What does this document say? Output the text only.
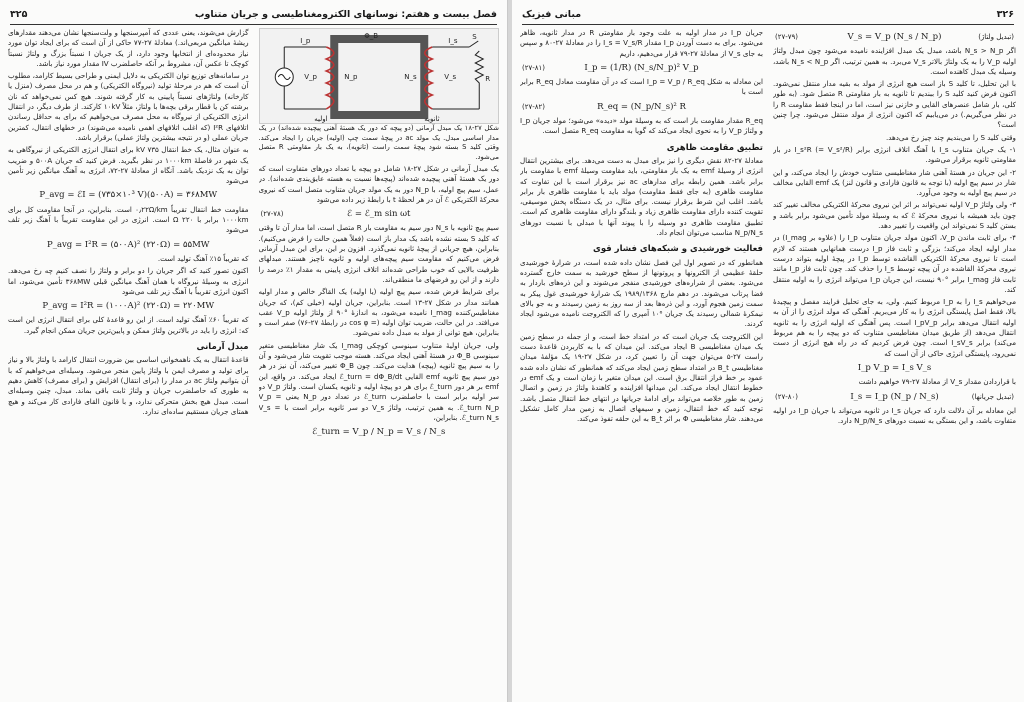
فصل بیست و هفتم: نوسانهای الکترومغناطیسی و جریان متناوب
۳۲۵
Φ_B
N_p	N_s
V_p	V_s
I_p	I_s
R
S
اولیه	ثانویه

شکل ۲۷-۱۸ یک مبدل آرمانی (دو پیچه که دور یک هستهٔ آهنی پیچیده شده‌اند) در یک مدار اساسی مبدل. یک مولد ac در پیچهٔ سمت چپ (اولیه) جریان را ایجاد می‌کند. وقتی کلید S بسته شود پیچهٔ سمت راست (ثانویه)، به یک بار مقاومتی R متصل می‌شود.

یک مبدل آرمانی در شکل ۲۷-۱۸ شامل دو پیچه با تعداد دورهای متفاوت است که دور یک هستهٔ آهنی پیچیده شده‌اند (پیچه‌ها نسبت به هسته عایق‌بندی شده‌اند). در عمل، سیم پیچ اولیه، با N_p دور به یک مولد جریان متناوب متصل است که نیروی محرکهٔ الکتریکی ℰ آن در هر لحظهٔ t با رابطهٔ زیر داده می‌شود

ℰ = ℰ_m sin ωt
(۲۷-۷۸)

سیم پیچ ثانویه با N_s دور سیم به مقاومت بار R متصل است، اما مدار آن تا وقتی که کلید S بسته نشده باشد یک مدار باز است (فعلاً همین حالت را فرض می‌کنیم). بنابراین، هیچ جریانی از پیچهٔ ثانویه نمی‌گذرد. افزون بر این، برای این مبدل آرمانی فرض می‌کنیم که مقاومت سیم پیچه‌های اولیه و ثانویه ناچیز هستند. مبدلهای ظرفیت بالایی که خوب طراحی شده‌اند اتلاف انرژی پایینی به مقدار ۱٪ درصد را دارند و از این رو فرضهای ما منطقی‌اند.

برای شرایط فرض شده، سیم پیچ اولیه (یا اولیه) یک القاگر خالص و مدار اولیه همانند مدار در شکل ۲۷-۱۳ است. بنابراین، جریان اولیه (خیلی کم)، که جریان مغناطیس‌کننده I_mag نامیده می‌شود، به اندازهٔ °۹۰ از ولتاژ اولیه V_p عقب می‌افتد. در این حالت، ضریب توان اولیه (= cos φ در رابطهٔ ۲۷-۷۶) صفر است و بنابراین، هیچ توانی از مولد به مبدل داده نمی‌شود.

ولی، جریان اولیهٔ متناوب سینوسی کوچکی I_mag یک شار مغناطیسی متغیر سینوسی Φ_B در هستهٔ آهنی ایجاد می‌کند. هسته موجب تقویت شار می‌شود و آن را به سیم پیچ ثانویه (پیچه) هدایت می‌کند. چون Φ_B تغییر می‌کند، آن نیز در هر دور سیم پیچ ثانویه emf القایی ℰ_turn = dΦ_B/dt ایجاد می‌کند. در واقع، این emf بر هر دور ℰ_turn برای هر دو پیچهٔ اولیه و ثانویه یکسان است. ولتاژ V_p دو سر اولیه برابر است با حاصلضرب ℰ_turn در تعداد دور N_p یعنی V_p = ℰ_turn N_p. به همین ترتیب، ولتاژ V_s دو سر ثانویه برابر است با V_s = ℰ_turn N_s. بنابراین،

ℰ_turn = V_p / N_p = V_s / N_s

گزارش می‌شوند، یعنی عددی که آمپرسنجها و ولت‌سنجها نشان می‌دهند مقدارهای ریشهٔ میانگین مربعی‌اند.) معادلهٔ ۲۷-۷۷ حاکی از آن است که برای ایجاد توان مورد نیاز محدوده‌ای از انتخابها وجود دارد، از یک جریان I نسبتاً بزرگ و ولتاژ نسبتاً کوچک تا عکس آن، مشروط بر آنکه حاصلضرب IV مقدار مورد نیاز باشد.

در سامانه‌های توزیع توان الکتریکی به دلایل ایمنی و طراحی بسیط کارامد، مطلوب آن است که هم در مرحلهٔ تولید (نیروگاه الکتریکی) و هم در محل مصرف (منزل یا کارخانه) ولتاژهای نسبتاً پایینی به کار گرفته شوند. هیچ کس نمی‌خواهد که نان برشته کن یا قطار برقی بچه‌ها با ولتاژ، مثلاً ۱۰kV کارکند. از طرف دیگر، در انتقال انرژی الکتریکی از نیروگاه به محل مصرف می‌خواهیم که برای به حداقل رساندن اتلافهای I²R (که اغلب اتلافهای اهمی نامیده می‌شوند) در خطهای انتقال، کمترین جریان عملی (و در نتیجه بیشترین ولتاژ عملی) برقرار باشد.

به عنوان مثال، یک خط انتقال ۷۳۵ kV برای انتقال انرژی الکتریکی از نیروگاهی به یک شهر در فاصلهٔ ۱۰۰۰km در نظر بگیرید. فرض کنید که جریان ۵۰۰A و ضریب توان به یک نزدیک باشد. آنگاه از معادلهٔ ۲۷-۷۲، انرژی به آهنگ میانگین زیر تأمین می‌شود

P_avg = ℰI = (۷۳۵×۱۰³ V)(۵۰۰A) = ۳۶۸MW

مقاومت خط انتقال تقریباً ۰٫۲۲Ω/km است. بنابراین، در آنجا مقاومت کل برای ۱۰۰۰km برابر با ۲۲۰ Ω است. انرژی در این مقاومت تقریباً با آهنگ زیر تلف می‌شود

P_avg = I²R = (۵۰۰A)² (۲۲۰Ω) = ۵۵MW

که تقریباً ۱۵٪ آهنگ تولید است.

اکنون تصور کنید که اگر جریان را دو برابر و ولتاژ را نصف کنیم چه رخ می‌دهد. انرژی به وسیلهٔ نیروگاه با همان آهنگ میانگین قبلی ۳۶۸MW تأمین می‌شود، اما اکنون انرژی تقریباً با آهنگ زیر تلف می‌شود

P_avg = I²R = (۱۰۰۰A)² (۲۲۰Ω) = ۲۲۰MW

که تقریباً ۶۰٪ آهنگ تولید است. از این رو قاعدهٔ کلی برای انتقال انرژی این است که: انرژی را باید در بالاترین ولتاژ ممکن و پایین‌ترین جریان ممکن انجام گیرد.

مبدل آرمانی

قاعدهٔ انتقال به یک ناهمخوانی اساسی بین ضرورت انتقال کارامد با ولتاژ بالا و نیاز برای تولید و مصرف ایمن با ولتاژ پایین منجر می‌شود. وسیله‌ای می‌خواهیم که با آن بتوانیم ولتاژ ac در مدار را (برای انتقال) افزایش و (برای مصرف) کاهش دهیم به طوری که حاصلضرب جریان و ولتاژ ثابت باقی بماند. مبدل، چنین وسیله‌ای است. مبدل هیچ بخش متحرکی ندارد، و با قانون القای فارادی کار می‌کند و هیچ همتای جریان مستقیم ساده‌ای ندارد.

۳۲۶
مبانی فیزیک
V_s = V_p (N_s / N_p)	(تبدیل ولتاژ)
(۲۷-۷۹)

اگر N_s > N_p باشد، مبدل یک مبدل افزاینده نامیده می‌شود چون مبدل ولتاژ اولیه V_p را به یک ولتاژ بالاتر V_s می‌برد. به همین ترتیب، اگر N_s < N_p باشد، وسیله یک مبدل کاهنده است.

با این تحلیل، تا کلید S باز است هیچ انرژی از مولد به بقیه مدار منتقل نمی‌شود. اکنون فرض کنید کلید S را ببندیم تا ثانویه به بار مقاومتی R متصل شود. (به طور کلی، بار شامل عنصرهای القایی و خازنی نیز است، اما در اینجا فقط مقاومت R را در نظر می‌گیریم.) در می‌یابیم که اکنون انرژی از مولد منتقل می‌شود. چرا چنین است؟

وقتی کلید S را می‌بندیم چند چیز رخ می‌دهد.

۱- یک جریان متناوب I_s با آهنگ اتلاف انرژی برابر I_s²R (= V_s²/R) در بار مقاومتی ثانویه برقرار می‌شود.

۲- این جریان در هستهٔ آهنی شار مغناطیسی متناوب خودش را ایجاد می‌کند، و این شار در سیم پیچ اولیه (با توجه به قانون فارادی و قانون لنز) یک emf القایی مخالف در سیم پیچ اولیه به وجود می‌آورد.

۳- ولی ولتاژ V_p اولیه نمی‌تواند بر اثر این نیروی محرکهٔ الکتریکی مخالف تغییر کند چون باید همیشه با نیروی محرکهٔ ℰ که به وسیلهٔ مولد تأمین می‌شود برابر باشد و بستن کلید S نمی‌تواند این واقعیت را تغییر دهد.

۴- برای ثابت ماندن V_p، اکنون مولد جریان متناوب I_p را (علاوه بر I_mag) در مدار اولیه ایجاد می‌کند؛ بزرگی و ثابت فاز I_p درست همانهایی هستند که لازم است تا نیروی محرکهٔ الکتریکی القاشده توسط I_p در پیچهٔ اولیه بتواند درست نیروی محرکهٔ القاشده در آن پیچه توسط I_s را حذف کند. چون ثابت فاز I_p مانند ثابت فاز I_mag برابر °۹۰ نیست، این جریان I_p می‌تواند انرژی را به اولیه منتقل کند.

می‌خواهیم I_s را به I_p مربوط کنیم. ولی، به جای تحلیل فرایند مفصل و پیچیدهٔ بالا، فقط اصل پایستگی انرژی را به کار می‌بریم. آهنگی که مولد انرژی را از آن به اولیه انتقال می‌دهد برابر I_pV_p است. پس آهنگی که اولیه انرژی را به ثانویه انتقال می‌دهد (از طریق میدان مغناطیسی متناوب که دو پیچه را به هم مربوط می‌کند) برابر I_sV_s است. چون فرض کردیم که در راه هیچ انرژی از دست نمی‌رود، پایستگی انرژی حاکی از آن است که

I_p V_p = I_s V_s

با قراردادن مقدار V_s از معادلهٔ ۲۷-۷۹ خواهیم داشت

I_s = I_p (N_p / N_s)	(تبدیل جریانها)
(۲۷-۸۰)

این معادله بر آن دلالت دارد که جریان I_s در ثانویه می‌تواند با جریان I_p در اولیه متفاوت باشد، و این بستگی به نسبت دورهای N_p/N_s دارد.

جریان I_p در مدار اولیه به علت وجود بار مقاومتی R در مدار ثانویه، ظاهر می‌شود. برای به دست آوردن I_p مقدار I_s = V_s/R را در معادلهٔ ۲۷-۸۰ و سپس به جای V_s از معادلهٔ ۲۷-۷۹ قرار می‌دهیم، داریم

I_p = (1/R) (N_s/N_p)² V_p
(۲۷-۸۱)

این معادله به شکل I_p = V_p / R_eq است که در آن مقاومت معادل R_eq برابر است با

R_eq = (N_p/N_s)² R
(۲۷-۸۲)

R_eq مقدار مقاومت بار است که به وسیلهٔ مولد «دیده» می‌شود؛ مولد جریان I_p و ولتاژ V_p را به نحوی ایجاد می‌کند که گویا به مقاومت R_eq متصل است.

تطبیق مقاومت ظاهری

معادلهٔ ۲۷-۸۲ نقش دیگری را نیز برای مبدل به دست می‌دهد. برای بیشترین انتقال انرژی از وسیلهٔ emf به یک بار مقاومتی، باید مقاومت وسیلهٔ emf با مقاومت بار برابر باشد. همین رابطه برای مدارهای ac نیز برقرار است با این تفاوت که مقاومت ظاهری (به جای فقط مقاومت) مولد باید با مقاومت ظاهری بار برابر باشد. اغلب این شرط برقرار نیست. برای مثال، در یک دستگاه پخش موسیقی، تقویت کننده دارای مقاومت ظاهری زیاد و بلندگو دارای مقاومت ظاهری کم است. تطبیق مقاومت ظاهری دو وسیله را با پیوند آنها با مبدلی با نسبت دورهای N_p/N_s مناسب می‌توان انجام داد.

فعالیت خورشیدی و شبکه‌های فشار قوی

همانطور که در تصویر اول این فصل نشان داده شده است، در شرارهٔ خورشیدی حلقهٔ عظیمی از الکترونها و پروتونها از سطح خورشید به سمت خارج گسترده می‌شود. بعضی از شراره‌های خورشیدی منفجر می‌شوند و این ذره‌های باردار به فضا پرتاب می‌شوند. در دهم مارچ ۱۹۸۹/۱۳۶۸ یک شرارهٔ خورشیدی غول پیکر به سمت زمین هجوم آورد، و این ذره‌ها بعد از سه روز به زمین رسیدند و به جو بالای نیمکرهٔ شمالی رسیدند یک جریان ۱۰⁶ آمپری را که الکتروجت نامیده می‌شود ایجاد کردند.

این الکتروجت یک جریان است که در امتداد خط است، و از جمله در سطح زمین یک میدان مغناطیسی B ایجاد می‌کند. این میدان که با به کاربردن قاعدهٔ دست راست ۲۷-۵ می‌توان جهت آن را تعیین کرد، در شکل ۲۷-۱۹ یک مؤلفهٔ میدان مغناطیسی B_t در امتداد سطح زمین ایجاد می‌کند که همانطور که نشان داده شده عمود بر خط فراز انتقال برق است. این میدان متغیر با زمان است و یک emf در خطوط انتقال ایجاد می‌کند. این میدانها افزاینده و کاهندهٔ ولتاژ در زمین و اتصال زمین به طور خلاصه می‌تواند برای ادامهٔ جریانها در انتهای خط انتقال متصل باشد. توجه کنید که خط انتقال، زمین و سیمهای اتصال به زمین مدار کامل تشکیل می‌دهند. شار مغناطیسی Φ بر اثر B_t به این حلقه تفوذ می‌کند.
